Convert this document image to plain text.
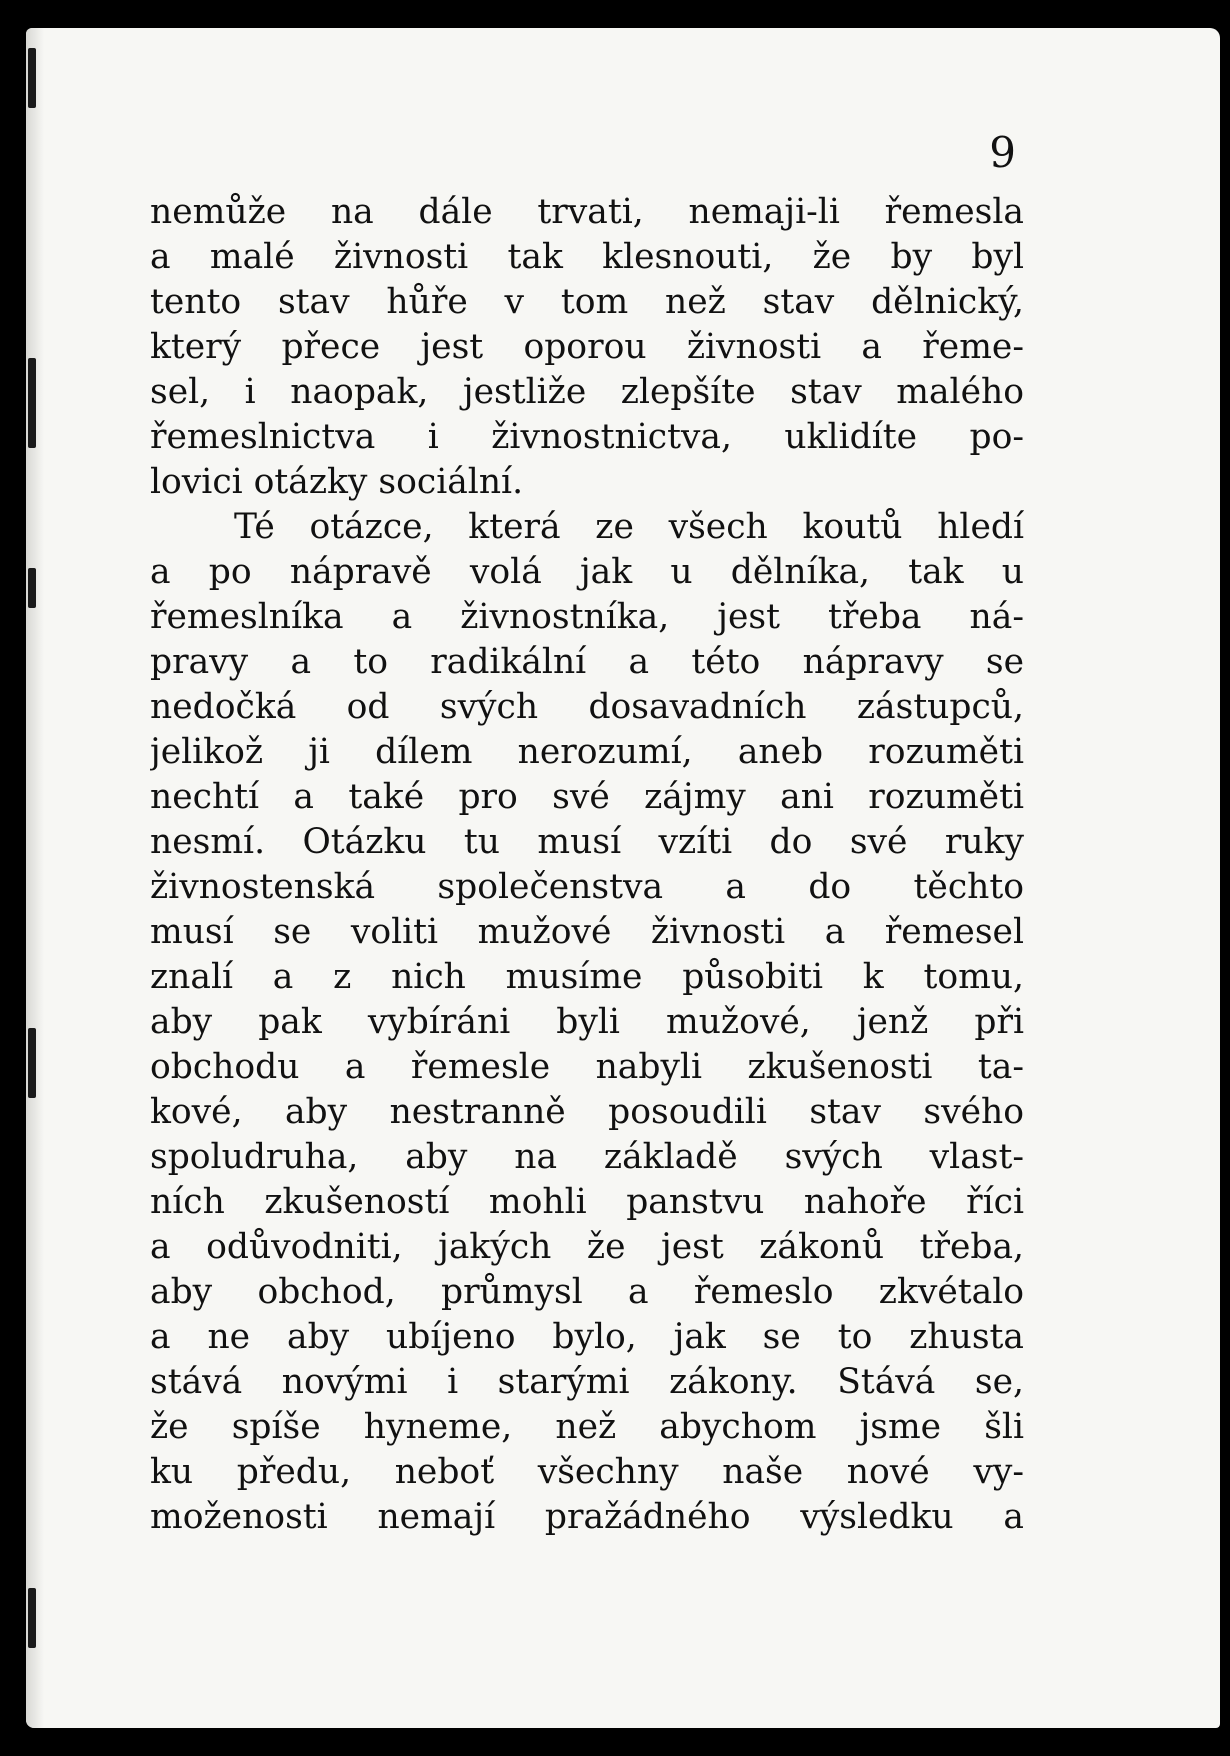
9

nemůže na dále trvati, nemaji-li řemesla
a malé živnosti tak klesnouti, že by byl
tento stav hůře v tom než stav dělnický,
který přece jest oporou živnosti a řeme-
sel, i naopak, jestliže zlepšíte stav malého
řemeslnictva i živnostnictva, uklidíte po-
lovici otázky sociální.
Té otázce, která ze všech koutů hledí
a po nápravě volá jak u dělníka, tak u
řemeslníka a živnostníka, jest třeba ná-
pravy a to radikální a této nápravy se
nedočká od svých dosavadních zástupců,
jelikož ji dílem nerozumí, aneb rozuměti
nechtí a také pro své zájmy ani rozuměti
nesmí. Otázku tu musí vzíti do své ruky
živnostenská společenstva a do těchto
musí se voliti mužové živnosti a řemesel
znalí a z nich musíme působiti k tomu,
aby pak vybíráni byli mužové, jenž při
obchodu a řemesle nabyli zkušenosti ta-
kové, aby nestranně posoudili stav svého
spoludruha, aby na základě svých vlast-
ních zkušeností mohli panstvu nahoře říci
a odůvodniti, jakých že jest zákonů třeba,
aby obchod, průmysl a řemeslo zkvétalo
a ne aby ubíjeno bylo, jak se to zhusta
stává novými i starými zákony. Stává se,
že spíše hyneme, než abychom jsme šli
ku předu, neboť všechny naše nové vy-
moženosti nemají pražádného výsledku a
